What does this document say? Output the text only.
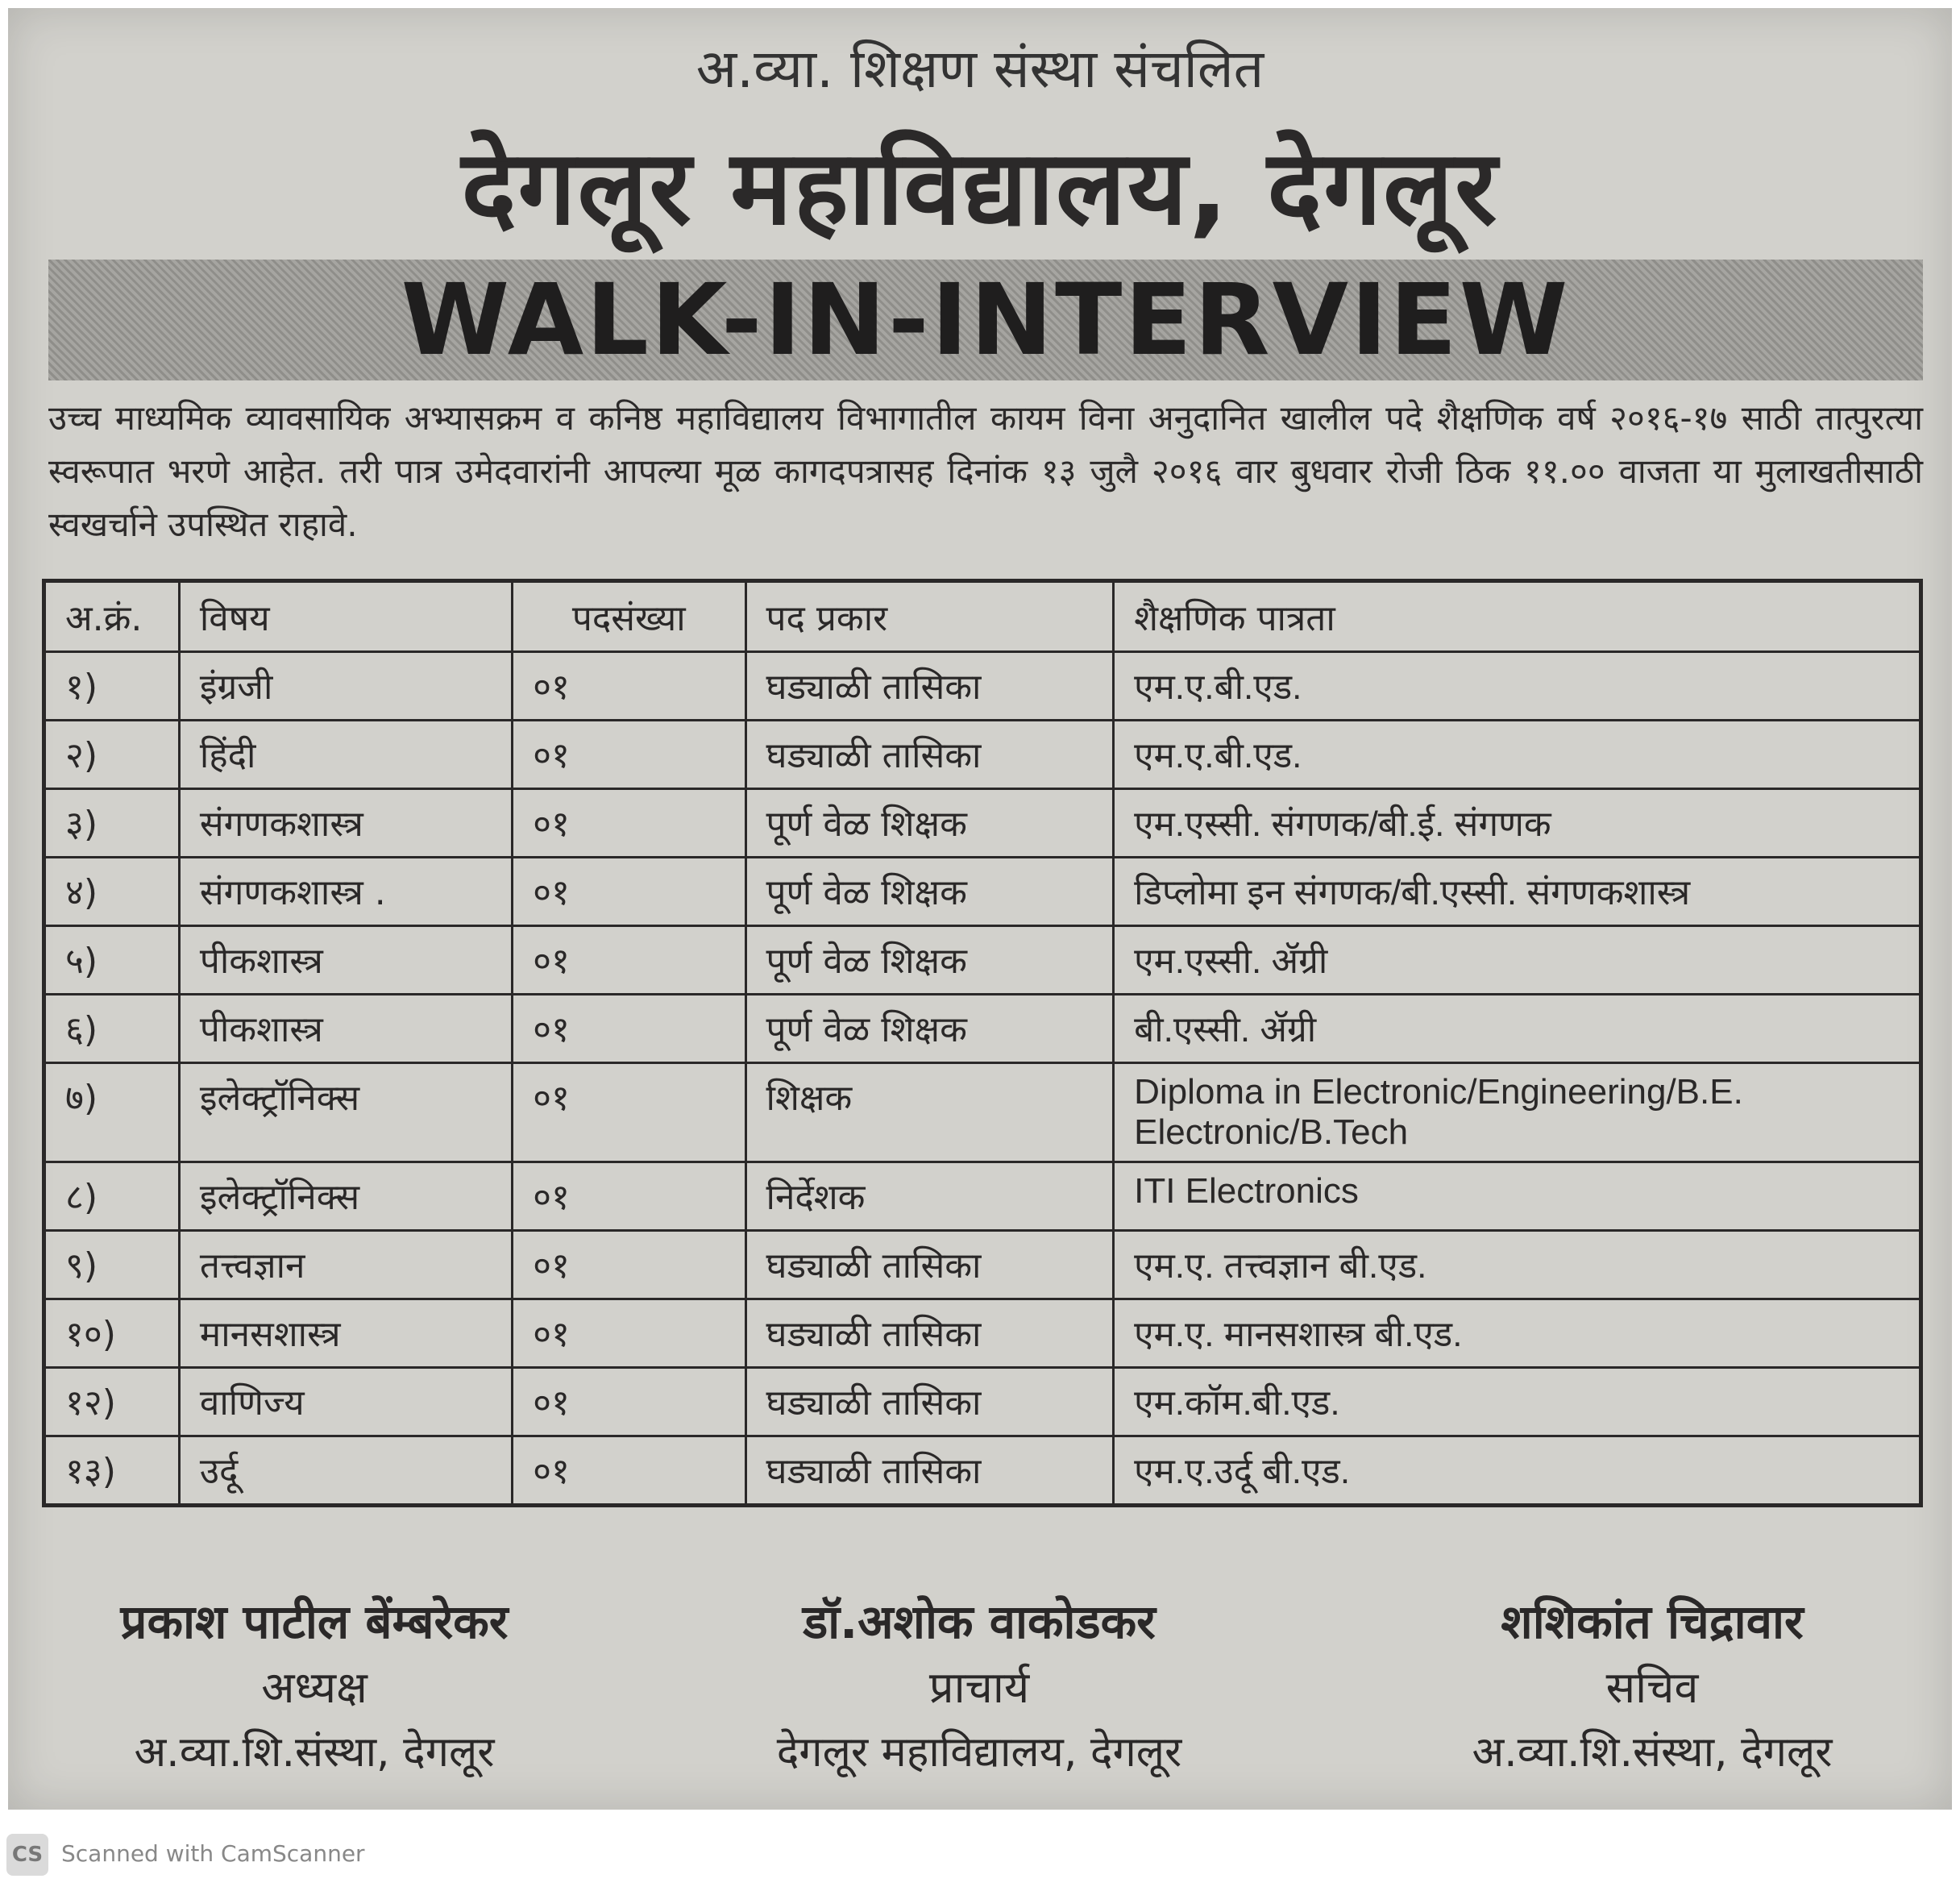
अ.व्या. शिक्षण संस्था संचलित
देगलूर महाविद्यालय, देगलूर
WALK-IN-INTERVIEW
उच्च माध्यमिक व्यावसायिक अभ्यासक्रम व कनिष्ठ महाविद्यालय विभागातील कायम विना अनुदानित खालील पदे शैक्षणिक वर्ष २०१६-१७ साठी तात्पुरत्या स्वरूपात भरणे आहेत. तरी पात्र उमेदवारांनी आपल्या मूळ कागदपत्रासह दिनांक १३ जुलै २०१६ वार बुधवार रोजी ठिक ११.०० वाजता या मुलाखतीसाठी स्वखर्चाने उपस्थित राहावे.
अ.क्रं.	विषय	पदसंख्या	पद प्रकार	शैक्षणिक पात्रता
१)	इंग्रजी	०१	घड्याळी तासिका	एम.ए.बी.एड.
२)	हिंदी	०१	घड्याळी तासिका	एम.ए.बी.एड.
३)	संगणकशास्त्र	०१	पूर्ण वेळ शिक्षक	एम.एस्सी. संगणक/बी.ई. संगणक
४)	संगणकशास्त्र .	०१	पूर्ण वेळ शिक्षक	डिप्लोमा इन संगणक/बी.एस्सी. संगणकशास्त्र
५)	पीकशास्त्र	०१	पूर्ण वेळ शिक्षक	एम.एस्सी. ॲग्री
६)	पीकशास्त्र	०१	पूर्ण वेळ शिक्षक	बी.एस्सी. ॲग्री
७)	इलेक्ट्रॉनिक्स	०१	शिक्षक	Diploma in Electronic/Engineering/B.E. Electronic/B.Tech
८)	इलेक्ट्रॉनिक्स	०१	निर्देशक	ITI Electronics
९)	तत्त्वज्ञान	०१	घड्याळी तासिका	एम.ए. तत्त्वज्ञान बी.एड.
१०)	मानसशास्त्र	०१	घड्याळी तासिका	एम.ए. मानसशास्त्र बी.एड.
१२)	वाणिज्य	०१	घड्याळी तासिका	एम.कॉम.बी.एड.
१३)	उर्दू	०१	घड्याळी तासिका	एम.ए.उर्दू बी.एड.
प्रकाश पाटील बेंम्बरेकर
अध्यक्ष
अ.व्या.शि.संस्था, देगलूर
डॉ.अशोक वाकोडकर
प्राचार्य
देगलूर महाविद्यालय, देगलूर
शशिकांत चिद्रावार
सचिव
अ.व्या.शि.संस्था, देगलूर
CS Scanned with CamScanner
